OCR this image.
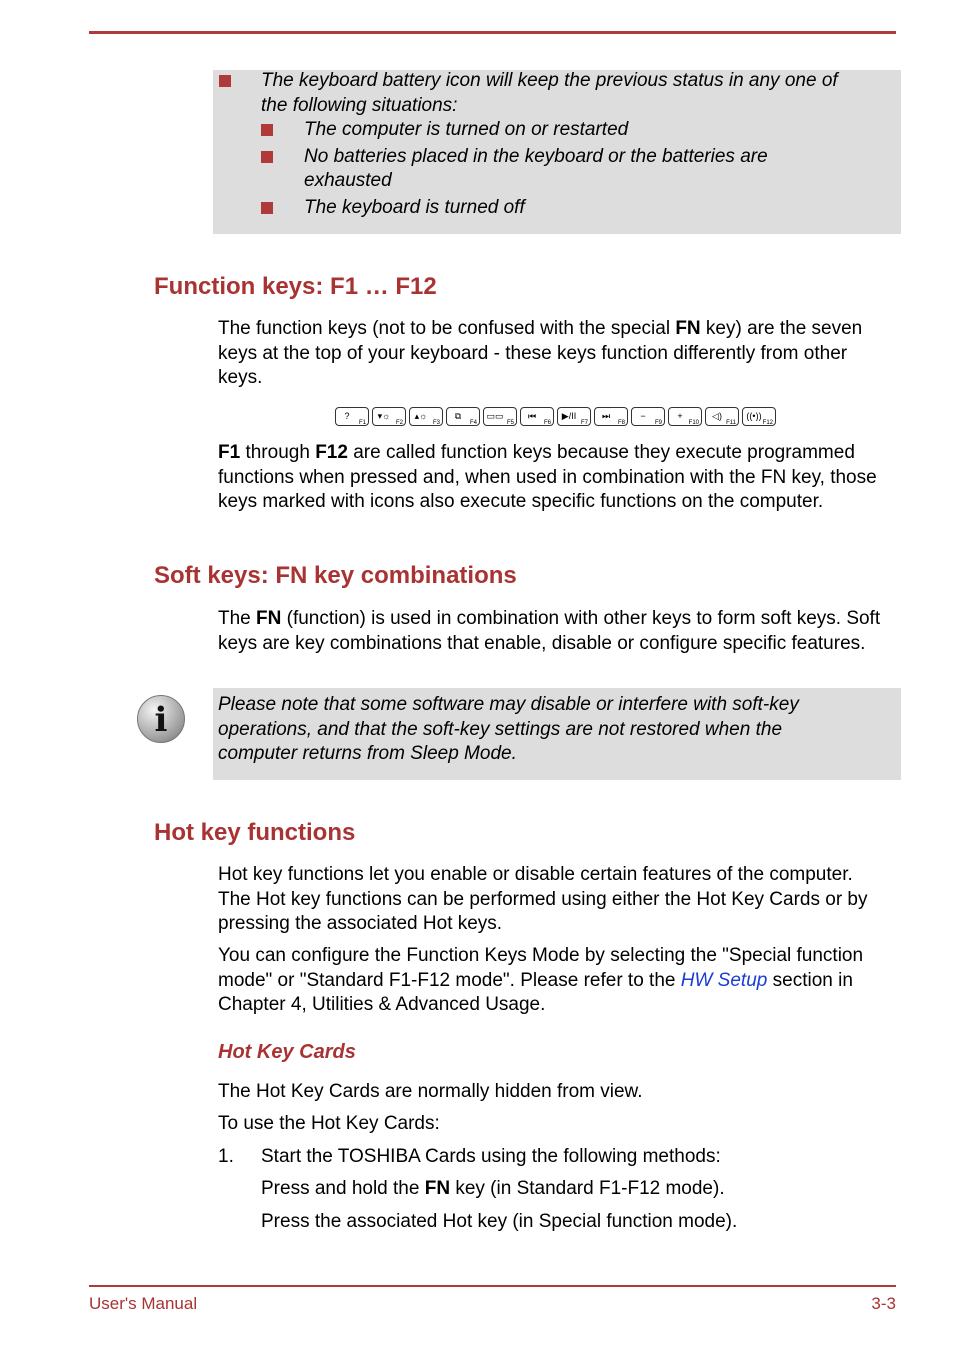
The keyboard battery icon will keep the previous status in any one of
the following situations:
The computer is turned on or restarted
No batteries placed in the keyboard or the batteries are
exhausted
The keyboard is turned off
Function keys: F1 … F12
The function keys (not to be confused with the special FN key) are the seven keys at the top of your keyboard - these keys function differently from other keys.
?
F1
▾☼
F2
▴☼
F3
⧉
F4
▭▭
F5
⏮
F6
▶/II
F7
⏭
F8
−
F9
+
F10
◁)
F11
((•))
F12
F1 through F12 are called function keys because they execute programmed functions when pressed and, when used in combination with the FN key, those keys marked with icons also execute specific functions on the computer.
Soft keys: FN key combinations
The FN (function) is used in combination with other keys to form soft keys. Soft keys are key combinations that enable, disable or configure specific features.
i	Please note that some software may disable or interfere with soft-key operations, and that the soft-key settings are not restored when the computer returns from Sleep Mode.
Hot key functions
Hot key functions let you enable or disable certain features of the computer. The Hot key functions can be performed using either the Hot Key Cards or by pressing the associated Hot keys.
You can configure the Function Keys Mode by selecting the "Special function mode" or "Standard F1-F12 mode". Please refer to the HW Setup section in Chapter 4, Utilities & Advanced Usage.
Hot Key Cards
The Hot Key Cards are normally hidden from view.
To use the Hot Key Cards:
1. Start the TOSHIBA Cards using the following methods:
Press and hold the FN key (in Standard F1-F12 mode).
Press the associated Hot key (in Special function mode).
User's Manual	3-3
